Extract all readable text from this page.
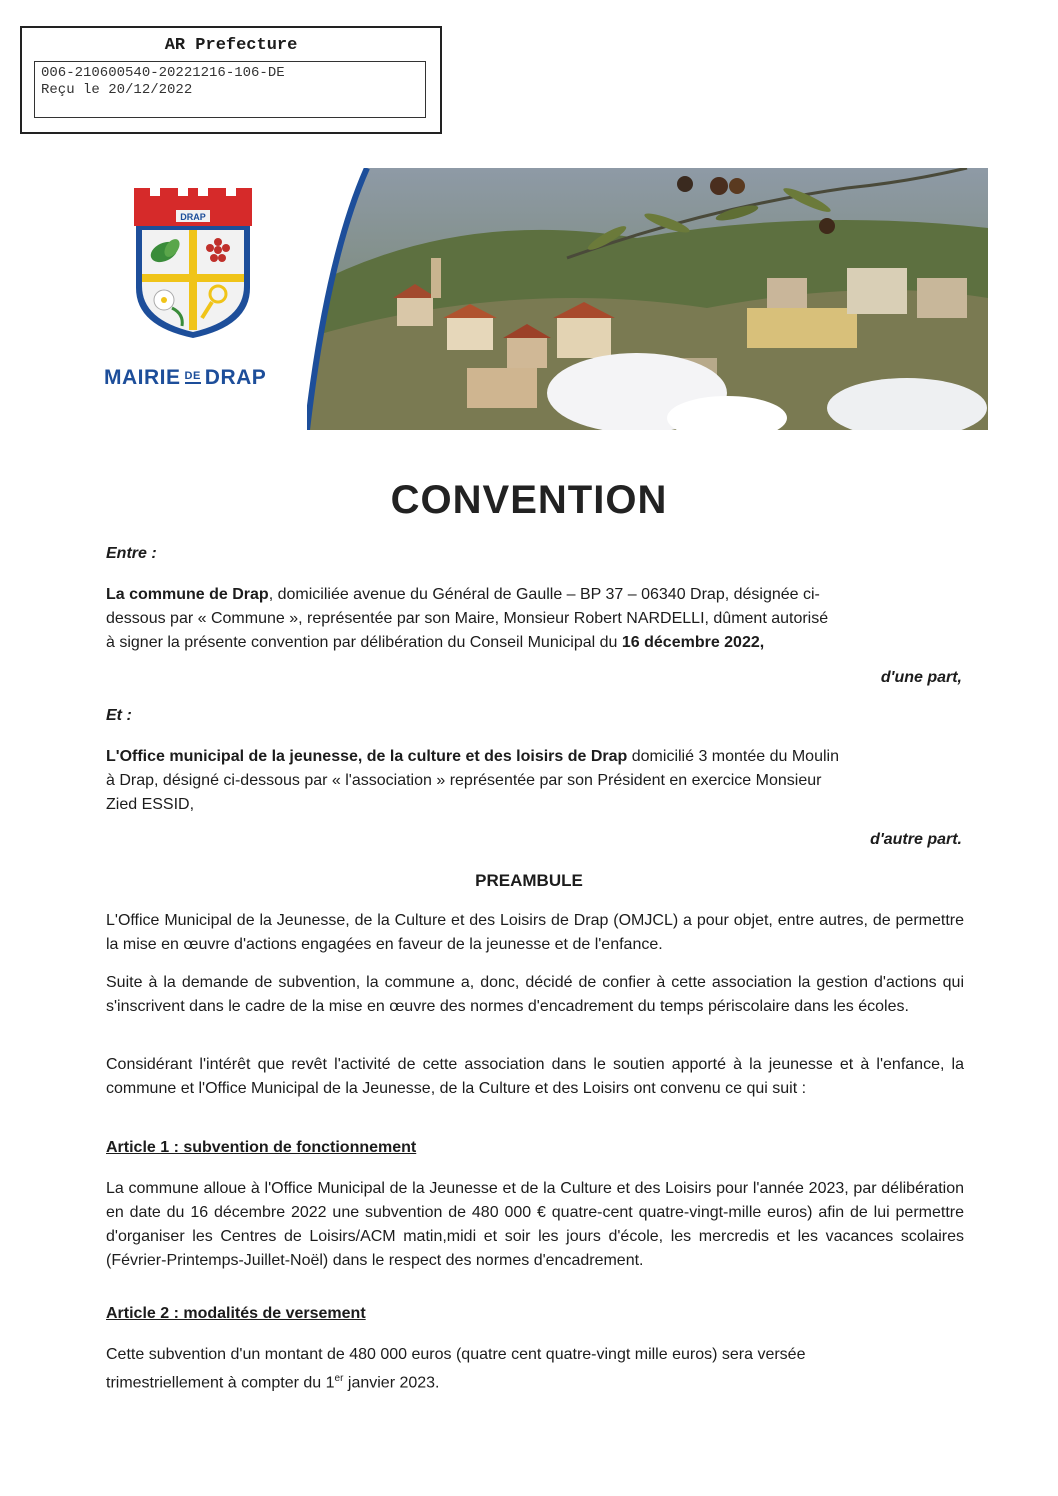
AR Prefecture
006-210600540-20221216-106-DE
Reçu le 20/12/2022
DRAP
MAIRIE DE DRAP
CONVENTION
Entre :
La commune de Drap, domiciliée avenue du Général de Gaulle – BP 37 – 06340 Drap, désignée ci-
dessous par « Commune », représentée par son Maire, Monsieur Robert NARDELLI, dûment autorisé
à signer la présente convention par délibération du Conseil Municipal du 16 décembre 2022,
d'une part,
Et :
L'Office municipal de la jeunesse, de la culture et des loisirs de Drap domicilié 3 montée du Moulin
à Drap, désigné ci-dessous par « l'association » représentée par son Président en exercice Monsieur
Zied ESSID,
d'autre part.
PREAMBULE
L'Office Municipal de la Jeunesse, de la Culture et des Loisirs de Drap (OMJCL) a pour objet, entre autres, de permettre la mise en œuvre d'actions engagées en faveur de la jeunesse et de l'enfance.
Suite à la demande de subvention, la commune a, donc, décidé de confier à cette association la gestion d'actions qui s'inscrivent dans le cadre de la mise en œuvre des normes d'encadrement du temps périscolaire dans les écoles.
Considérant l'intérêt que revêt l'activité de cette association dans le soutien apporté à la jeunesse et à l'enfance, la commune et l'Office Municipal de la Jeunesse, de la Culture et des Loisirs ont convenu ce qui suit :
Article 1 : subvention de fonctionnement
La commune alloue à l'Office Municipal de la Jeunesse et de la Culture et des Loisirs pour l'année 2023, par délibération en date du 16 décembre 2022 une subvention de 480 000 € quatre-cent quatre-vingt-mille euros) afin de lui permettre d'organiser les Centres de Loisirs/ACM matin,midi et soir les jours d'école, les mercredis et les vacances scolaires (Février-Printemps-Juillet-Noël) dans le respect des normes d'encadrement.
Article 2 : modalités de versement
Cette subvention d'un montant de 480 000 euros (quatre cent quatre-vingt mille euros) sera versée
trimestriellement à compter du 1er janvier 2023.
